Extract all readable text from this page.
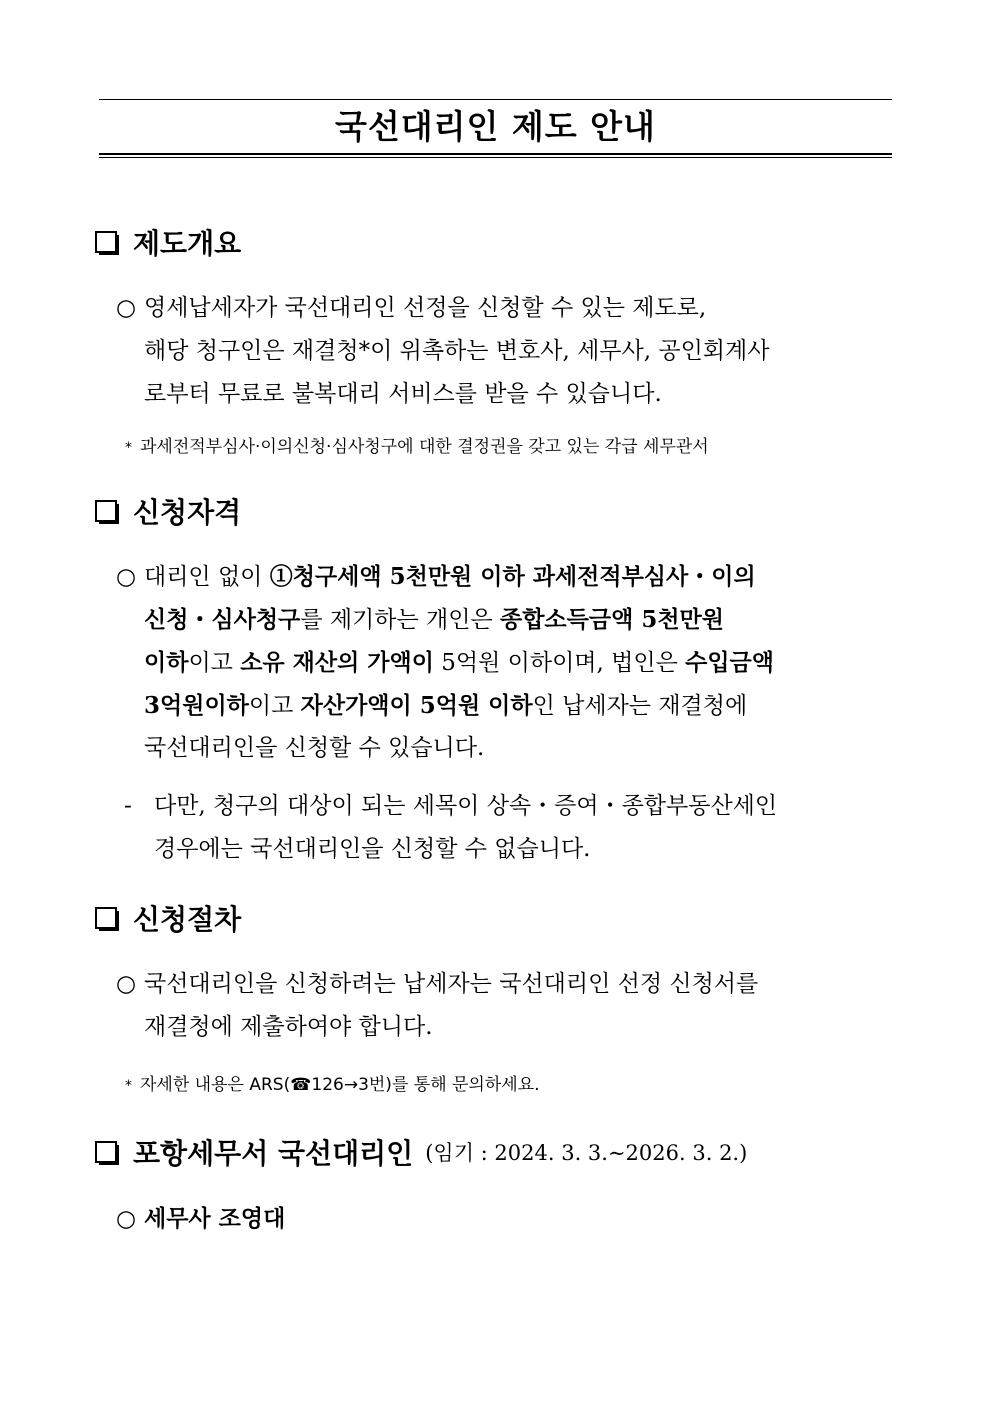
국선대리인 제도 안내
제도개요
○ 영세납세자가 국선대리인 선정을 신청할 수 있는 제도로,
해당 청구인은 재결청*이 위촉하는 변호사, 세무사, 공인회계사
로부터 무료로 불복대리 서비스를 받을 수 있습니다.
* 과세전적부심사·이의신청·심사청구에 대한 결정권을 갖고 있는 각급 세무관서
신청자격
○ 대리인 없이 ①청구세액 5천만원 이하 과세전적부심사・이의
신청・심사청구를 제기하는 개인은 종합소득금액 5천만원
이하이고 소유 재산의 가액이 5억원 이하이며, 법인은 수입금액
3억원이하이고 자산가액이 5억원 이하인 납세자는 재결청에
국선대리인을 신청할 수 있습니다.
- 다만, 청구의 대상이 되는 세목이 상속・증여・종합부동산세인
경우에는 국선대리인을 신청할 수 없습니다.
신청절차
○ 국선대리인을 신청하려는 납세자는 국선대리인 선정 신청서를
재결청에 제출하여야 합니다.
* 자세한 내용은 ARS(☎126→3번)를 통해 문의하세요.
포항세무서 국선대리인 (임기 : 2024. 3. 3.∼2026. 3. 2.)
○ 세무사 조영대
